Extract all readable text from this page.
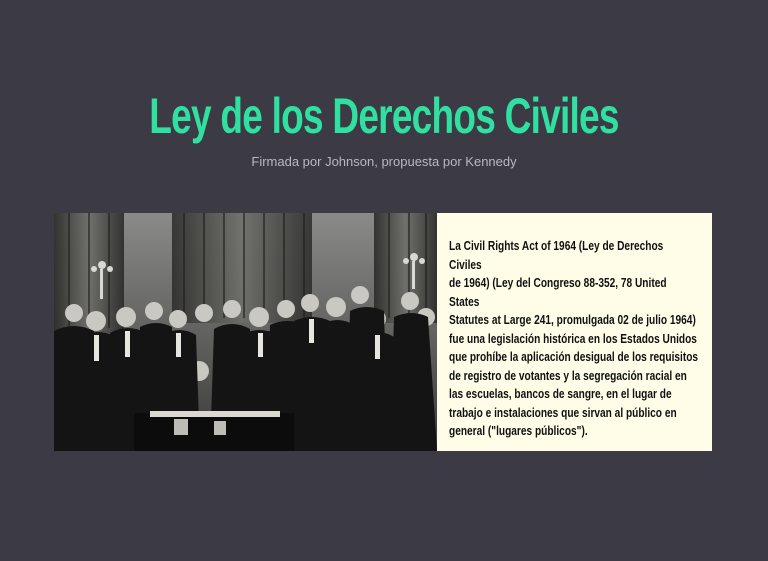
Ley de los Derechos Civiles
Firmada por Johnson, propuesta por Kennedy

La Civil Rights Act of 1964 (Ley de Derechos Civiles
de 1964) (Ley del Congreso 88-352, 78 United States
Statutes at Large 241, promulgada 02 de julio 1964)
fue una legislación histórica en los Estados Unidos
que prohíbe la aplicación desigual de los requisitos
de registro de votantes y la segregación racial en
las escuelas, bancos de sangre, en el lugar de
trabajo e instalaciones que sirvan al público en
general ("lugares públicos").
